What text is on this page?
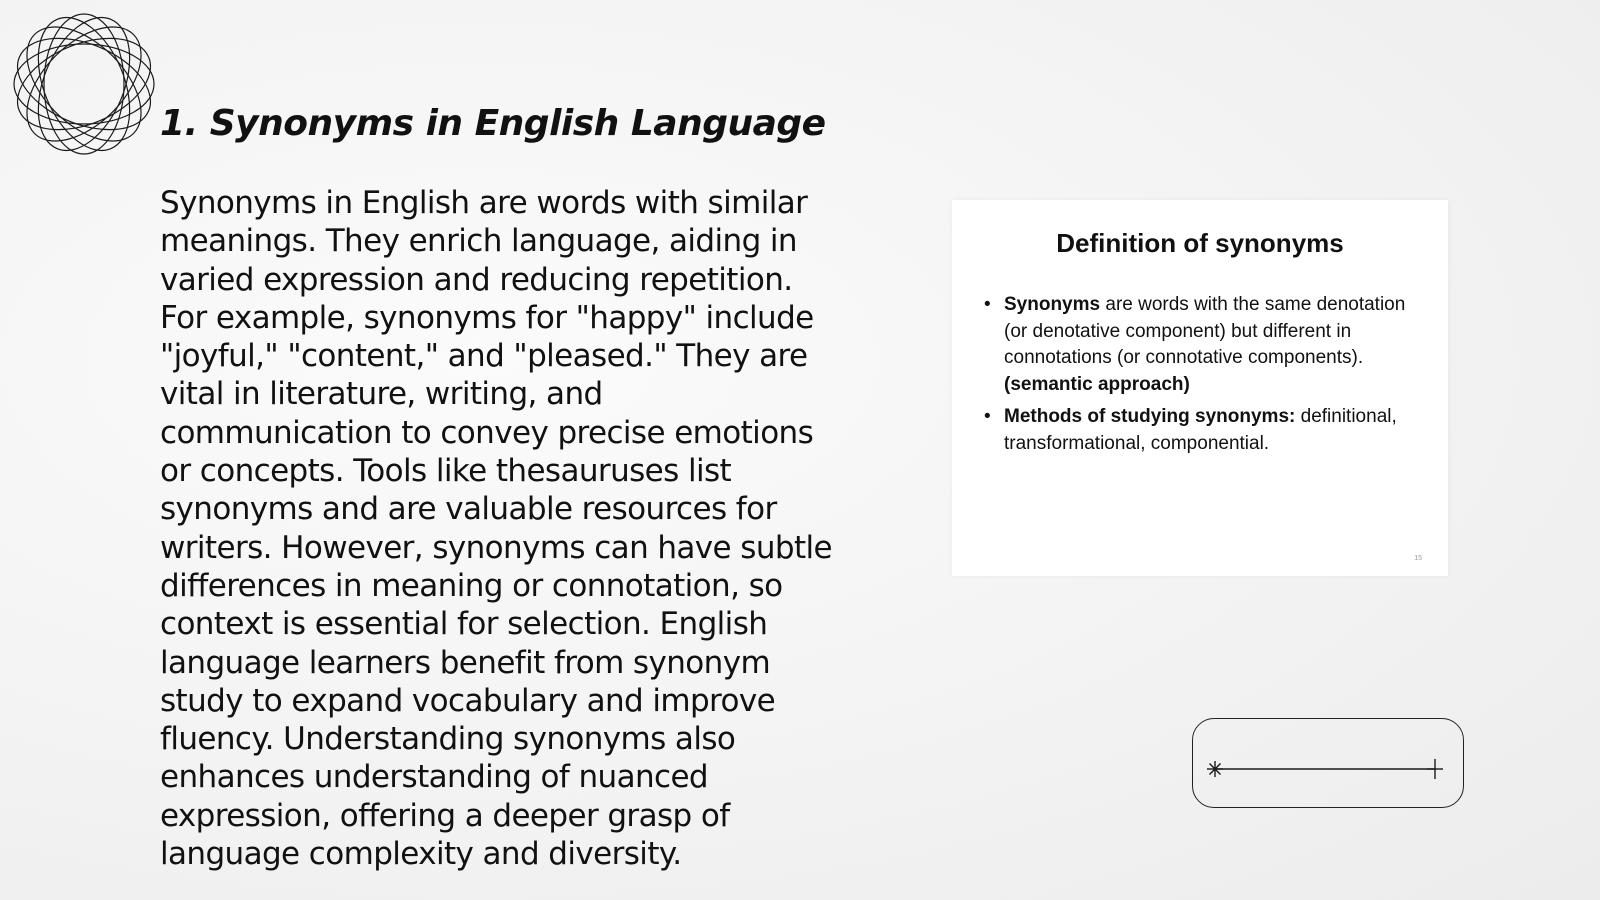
1. Synonyms in English Language

Synonyms in English are words with similar meanings. They enrich language, aiding in varied expression and reducing repetition. For example, synonyms for "happy" include "joyful," "content," and "pleased." They are vital in literature, writing, and communication to convey precise emotions or concepts. Tools like thesauruses list synonyms and are valuable resources for writers. However, synonyms can have subtle differences in meaning or connotation, so context is essential for selection. English language learners benefit from synonym study to expand vocabulary and improve fluency. Understanding synonyms also enhances understanding of nuanced expression, offering a deeper grasp of language complexity and diversity.

Definition of synonyms
• Synonyms are words with the same denotation (or denotative component) but different in connotations (or connotative components). (semantic approach)
• Methods of studying synonyms: definitional, transformational, componential.
15
